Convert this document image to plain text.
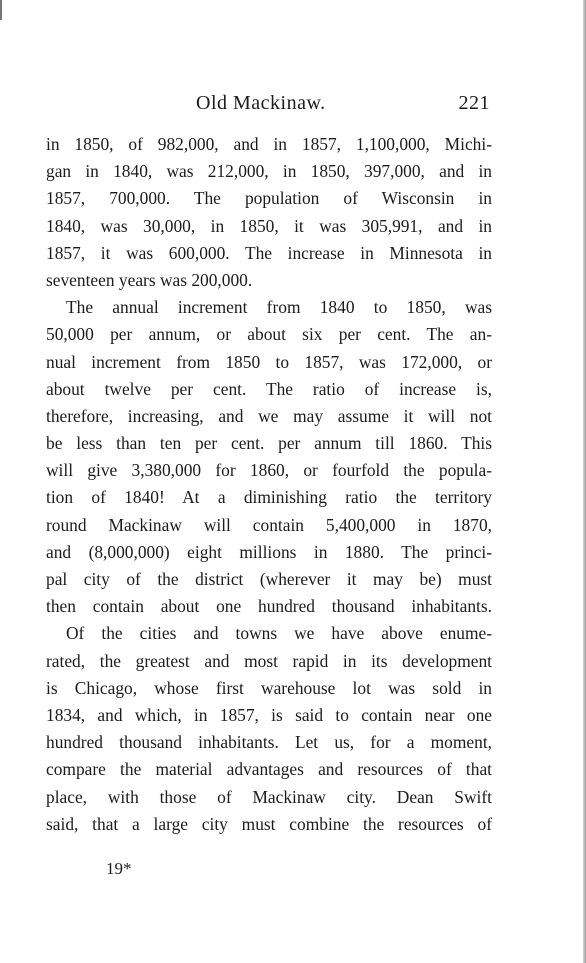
Old Mackinaw.	221
in 1850, of 982,000, and in 1857, 1,100,000, Michi-
gan in 1840, was 212,000, in 1850, 397,000, and in
1857, 700,000. The population of Wisconsin in
1840, was 30,000, in 1850, it was 305,991, and in
1857, it was 600,000. The increase in Minnesota in
seventeen years was 200,000.
The annual increment from 1840 to 1850, was
50,000 per annum, or about six per cent. The an-
nual increment from 1850 to 1857, was 172,000, or
about twelve per cent. The ratio of increase is,
therefore, increasing, and we may assume it will not
be less than ten per cent. per annum till 1860. This
will give 3,380,000 for 1860, or fourfold the popula-
tion of 1840! At a diminishing ratio the territory
round Mackinaw will contain 5,400,000 in 1870,
and (8,000,000) eight millions in 1880. The princi-
pal city of the district (wherever it may be) must
then contain about one hundred thousand inhabitants.
Of the cities and towns we have above enume-
rated, the greatest and most rapid in its development
is Chicago, whose first warehouse lot was sold in
1834, and which, in 1857, is said to contain near one
hundred thousand inhabitants. Let us, for a moment,
compare the material advantages and resources of that
place, with those of Mackinaw city. Dean Swift
said, that a large city must combine the resources of
19*
